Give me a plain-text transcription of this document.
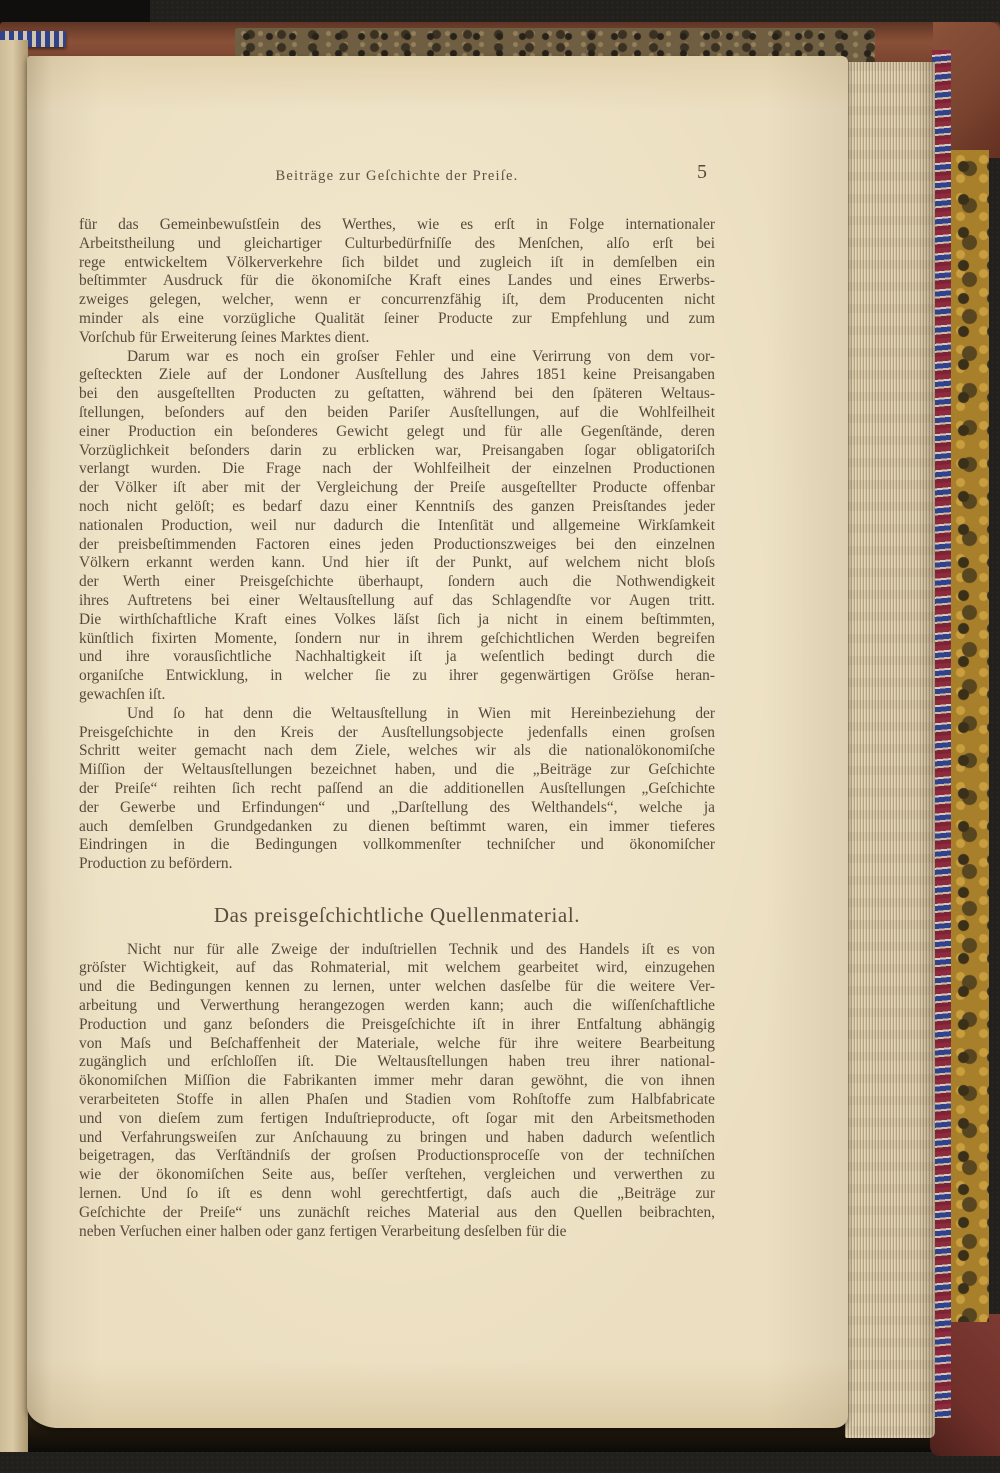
Beiträge zur Geſchichte der Preiſe.	5
für das Gemeinbewuſstſein des Werthes, wie es erſt in Folge internationaler
Arbeitstheilung und gleichartiger Culturbedürfniſſe des Menſchen, alſo erſt bei
rege entwickeltem Völkerverkehre ſich bildet und zugleich iſt in demſelben ein
beſtimmter Ausdruck für die ökonomiſche Kraft eines Landes und eines Erwerbs-
zweiges gelegen, welcher, wenn er concurrenzfähig iſt, dem Producenten nicht
minder als eine vorzügliche Qualität ſeiner Producte zur Empfehlung und zum
Vorſchub für Erweiterung ſeines Marktes dient.
Darum war es noch ein groſser Fehler und eine Verirrung von dem vor-
geſteckten Ziele auf der Londoner Ausſtellung des Jahres 1851 keine Preisangaben
bei den ausgeſtellten Producten zu geſtatten, während bei den ſpäteren Weltaus-
ſtellungen, beſonders auf den beiden Pariſer Ausſtellungen, auf die Wohlfeilheit
einer Production ein beſonderes Gewicht gelegt und für alle Gegenſtände, deren
Vorzüglichkeit beſonders darin zu erblicken war, Preisangaben ſogar obligatoriſch
verlangt wurden. Die Frage nach der Wohlfeilheit der einzelnen Productionen
der Völker iſt aber mit der Vergleichung der Preiſe ausgeſtellter Producte offenbar
noch nicht gelöſt; es bedarf dazu einer Kenntniſs des ganzen Preisſtandes jeder
nationalen Production, weil nur dadurch die Intenſität und allgemeine Wirkſamkeit
der preisbeſtimmenden Factoren eines jeden Productionszweiges bei den einzelnen
Völkern erkannt werden kann. Und hier iſt der Punkt, auf welchem nicht bloſs
der Werth einer Preisgeſchichte überhaupt, ſondern auch die Nothwendigkeit
ihres Auftretens bei einer Weltausſtellung auf das Schlagendſte vor Augen tritt.
Die wirthſchaftliche Kraft eines Volkes läſst ſich ja nicht in einem beſtimmten,
künſtlich fixirten Momente, ſondern nur in ihrem geſchichtlichen Werden begreifen
und ihre vorausſichtliche Nachhaltigkeit iſt ja weſentlich bedingt durch die
organiſche Entwicklung, in welcher ſie zu ihrer gegenwärtigen Gröſse heran-
gewachſen iſt.
Und ſo hat denn die Weltausſtellung in Wien mit Hereinbeziehung der
Preisgeſchichte in den Kreis der Ausſtellungsobjecte jedenfalls einen groſsen
Schritt weiter gemacht nach dem Ziele, welches wir als die nationalökonomiſche
Miſſion der Weltausſtellungen bezeichnet haben, und die „Beiträge zur Geſchichte
der Preiſe“ reihten ſich recht paſſend an die additionellen Ausſtellungen „Geſchichte
der Gewerbe und Erfindungen“ und „Darſtellung des Welthandels“, welche ja
auch demſelben Grundgedanken zu dienen beſtimmt waren, ein immer tieferes
Eindringen in die Bedingungen vollkommenſter techniſcher und ökonomiſcher
Production zu befördern.
Das preisgeſchichtliche Quellenmaterial.
Nicht nur für alle Zweige der induſtriellen Technik und des Handels iſt es von
gröſster Wichtigkeit, auf das Rohmaterial, mit welchem gearbeitet wird, einzugehen
und die Bedingungen kennen zu lernen, unter welchen dasſelbe für die weitere Ver-
arbeitung und Verwerthung herangezogen werden kann; auch die wiſſenſchaftliche
Production und ganz beſonders die Preisgeſchichte iſt in ihrer Entfaltung abhängig
von Maſs und Beſchaffenheit der Materiale, welche für ihre weitere Bearbeitung
zugänglich und erſchloſſen iſt. Die Weltausſtellungen haben treu ihrer national-
ökonomiſchen Miſſion die Fabrikanten immer mehr daran gewöhnt, die von ihnen
verarbeiteten Stoffe in allen Phaſen und Stadien vom Rohſtoffe zum Halbfabricate
und von dieſem zum fertigen Induſtrieproducte, oft ſogar mit den Arbeitsmethoden
und Verfahrungsweiſen zur Anſchauung zu bringen und haben dadurch weſentlich
beigetragen, das Verſtändniſs der groſsen Productionsproceſſe von der techniſchen
wie der ökonomiſchen Seite aus, beſſer verſtehen, vergleichen und verwerthen zu
lernen. Und ſo iſt es denn wohl gerechtfertigt, daſs auch die „Beiträge zur
Geſchichte der Preiſe“ uns zunächſt reiches Material aus den Quellen beibrachten,
neben Verſuchen einer halben oder ganz fertigen Verarbeitung desſelben für die
